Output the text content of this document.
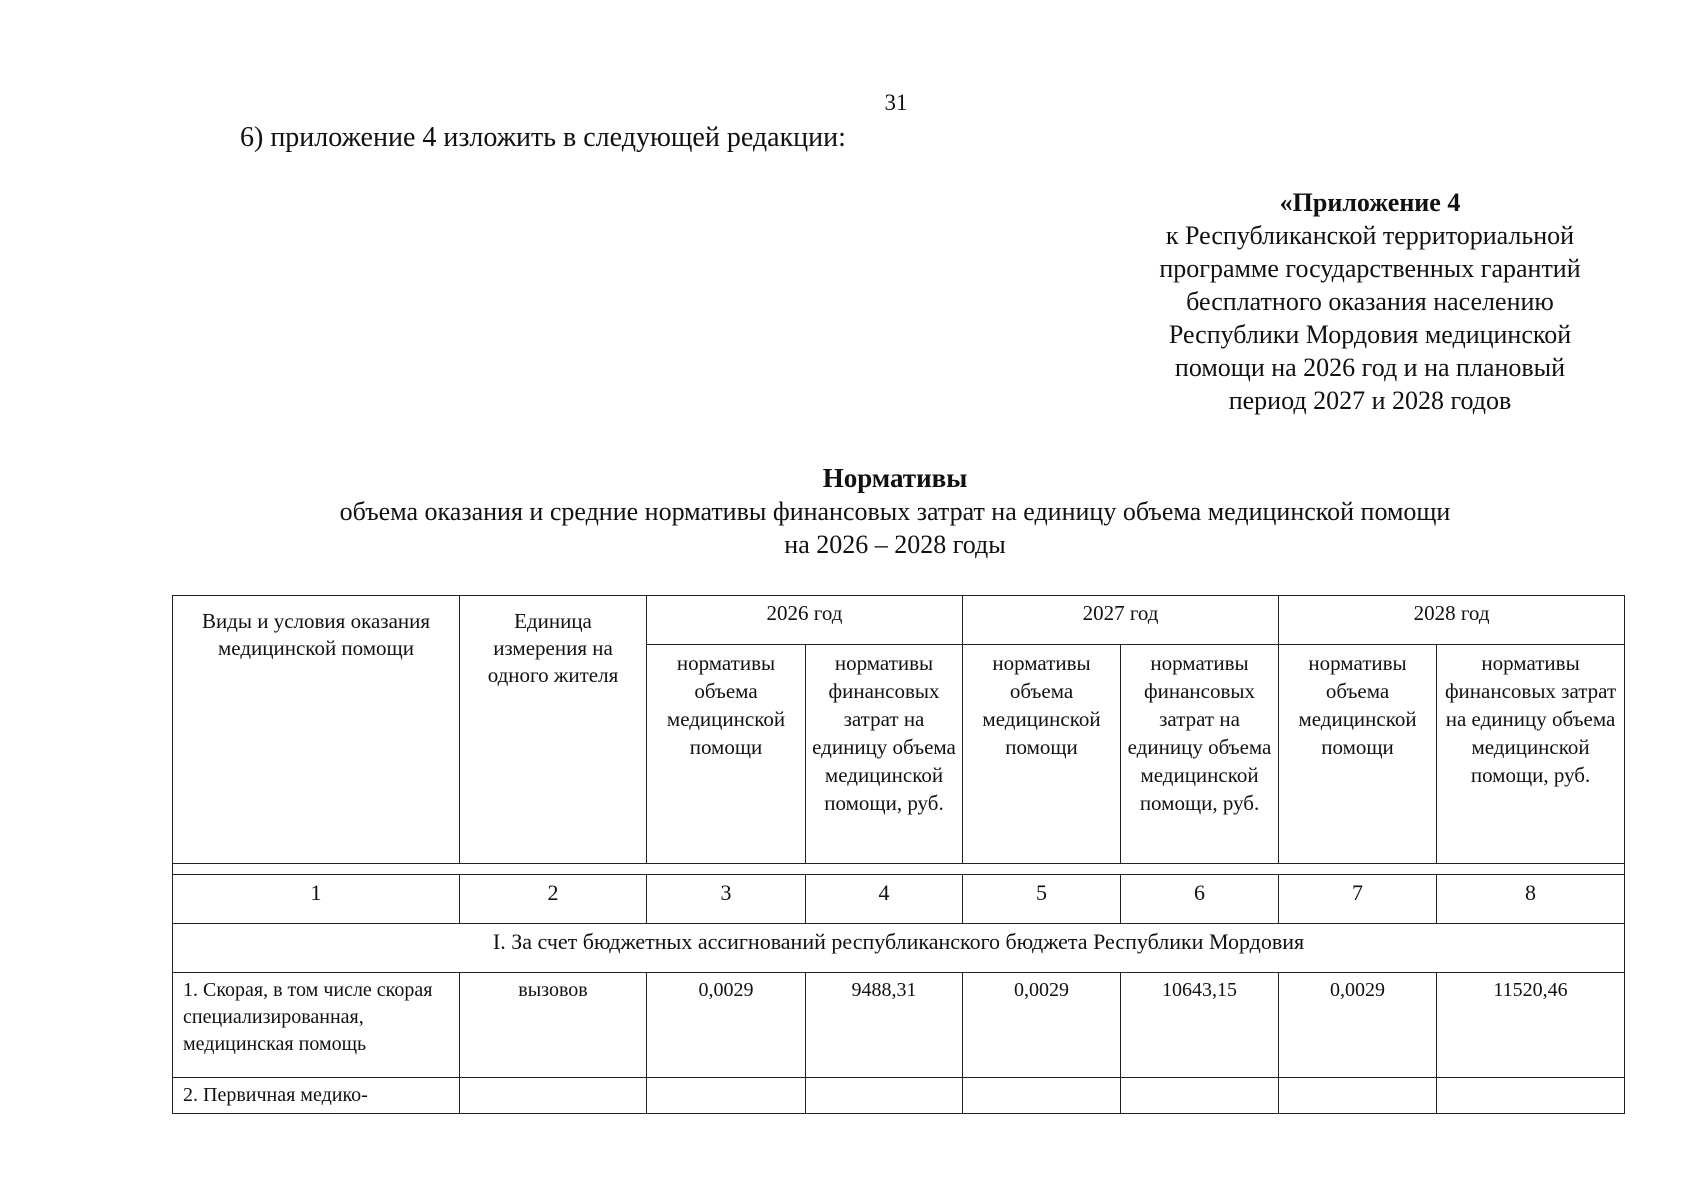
31
6) приложение 4 изложить в следующей редакции:
«Приложение 4
к Республиканской территориальной
программе государственных гарантий
бесплатного оказания населению
Республики Мордовия медицинской
помощи на 2026 год и на плановый
период 2027 и 2028 годов
Нормативы
объема оказания и средние нормативы финансовых затрат на единицу объема медицинской помощи
на 2026 – 2028 годы
Виды и условия оказания медицинской помощи	Единица измерения на одного жителя	2026 год		2027 год		2028 год	
		нормативы объема медицинской помощи	нормативы финансовых затрат на единицу объема медицинской помощи, руб.	нормативы объема медицинской помощи	нормативы финансовых затрат на единицу объема медицинской помощи, руб.	нормативы объема медицинской помощи	нормативы финансовых затрат на единицу объема медицинской помощи, руб.

1	2	3	4	5	6	7	8
I. За счет бюджетных ассигнований республиканского бюджета Республики Мордовия							
1. Скорая, в том числе скорая специализированная, медицинская помощь	вызовов	0,0029	9488,31	0,0029	10643,15	0,0029	11520,46
2. Первичная медико-							
